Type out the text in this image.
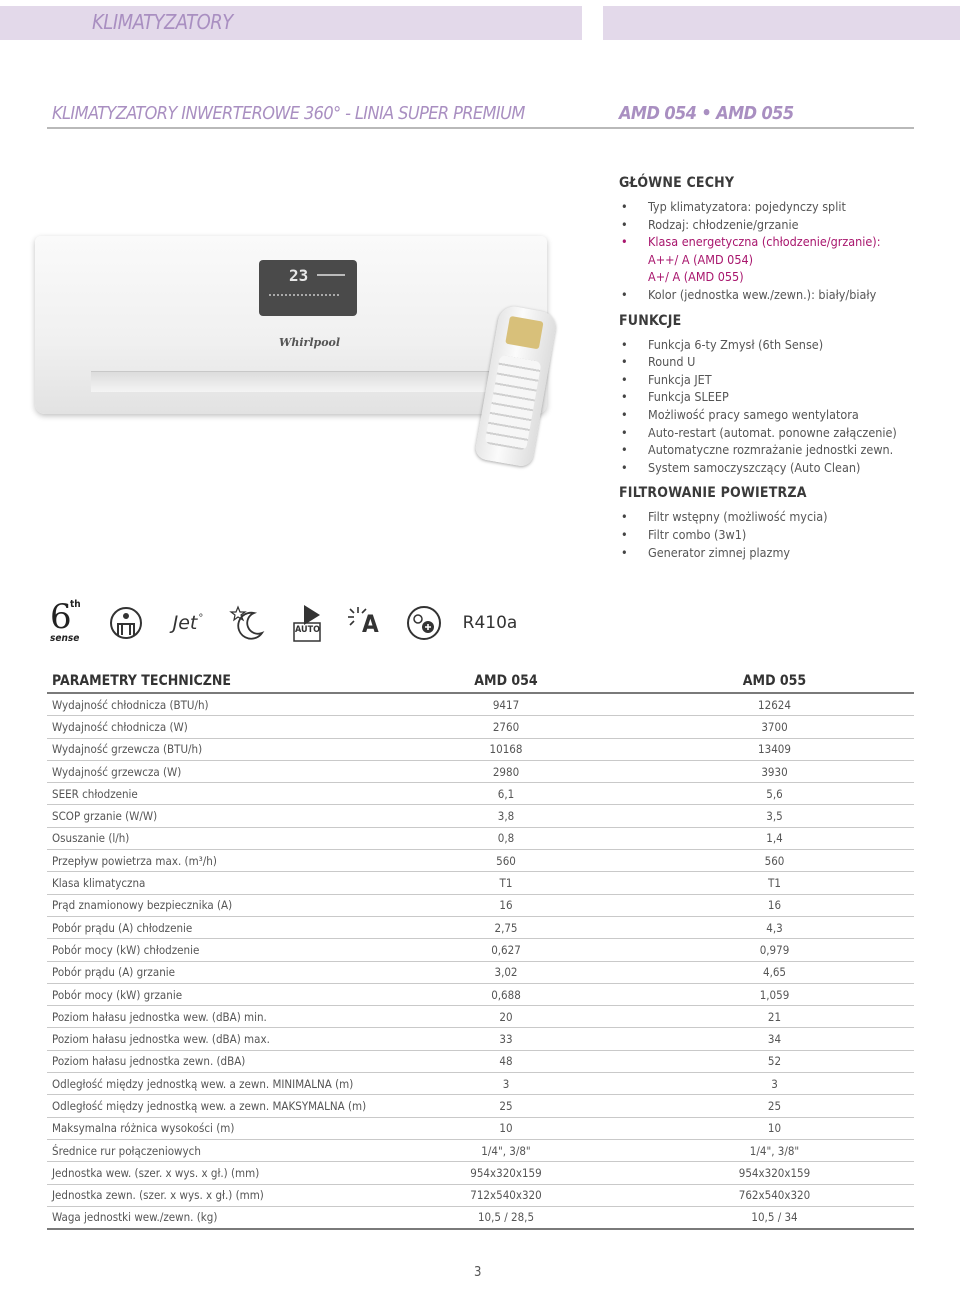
KLIMATYZATORY
KLIMATYZATORY INWERTEROWE 360° - LINIA SUPER PREMIUM	AMD 054 • AMD 055
23
Whirlpool
GŁÓWNE CECHY
• Typ klimatyzatora: pojedynczy split
• Rodzaj: chłodzenie/grzanie
• Klasa energetyczna (chłodzenie/grzanie):
A++/ A (AMD 054)
A+/ A (AMD 055)
• Kolor (jednostka wew./zewn.): biały/biały
FUNKCJE
• Funkcja 6-ty Zmysł (6th Sense)
• Round U
• Funkcja JET
• Funkcja SLEEP
• Możliwość pracy samego wentylatora
• Auto-restart (automat. ponowne załączenie)
• Automatyczne rozmrażanie jednostki zewn.
• System samoczyszczący (Auto Clean)
FILTROWANIE POWIETRZA
• Filtr wstępny (możliwość mycia)
• Filtr combo (3w1)
• Generator zimnej plazmy
6
th
sense
Jet °
AUTO A	R410a
PARAMETRY TECHNICZNE	AMD 054	AMD 055
Wydajność chłodnicza (BTU/h)	9417	12624
Wydajność chłodnicza (W)	2760	3700
Wydajność grzewcza (BTU/h)	10168	13409
Wydajność grzewcza (W)	2980	3930
SEER chłodzenie	6,1	5,6
SCOP grzanie (W/W)	3,8	3,5
Osuszanie (l/h)	0,8	1,4
Przepływ powietrza max. (m³/h)	560	560
Klasa klimatyczna	T1	T1
Prąd znamionowy bezpiecznika (A)	16	16
Pobór prądu (A) chłodzenie	2,75	4,3
Pobór mocy (kW) chłodzenie	0,627	0,979
Pobór prądu (A) grzanie	3,02	4,65
Pobór mocy (kW) grzanie	0,688	1,059
Poziom hałasu jednostka wew. (dBA) min.	20	21
Poziom hałasu jednostka wew. (dBA) max.	33	34
Poziom hałasu jednostka zewn. (dBA)	48	52
Odległość między jednostką wew. a zewn. MINIMALNA (m)	3	3
Odległość między jednostką wew. a zewn. MAKSYMALNA (m)	25	25
Maksymalna różnica wysokości (m)	10	10
Średnice rur połączeniowych	1/4", 3/8"	1/4", 3/8"
Jednostka wew. (szer. x wys. x gł.) (mm)	954x320x159	954x320x159
Jednostka zewn. (szer. x wys. x gł.) (mm)	712x540x320	762x540x320
Waga jednostki wew./zewn. (kg)	10,5 / 28,5	10,5 / 34
3
